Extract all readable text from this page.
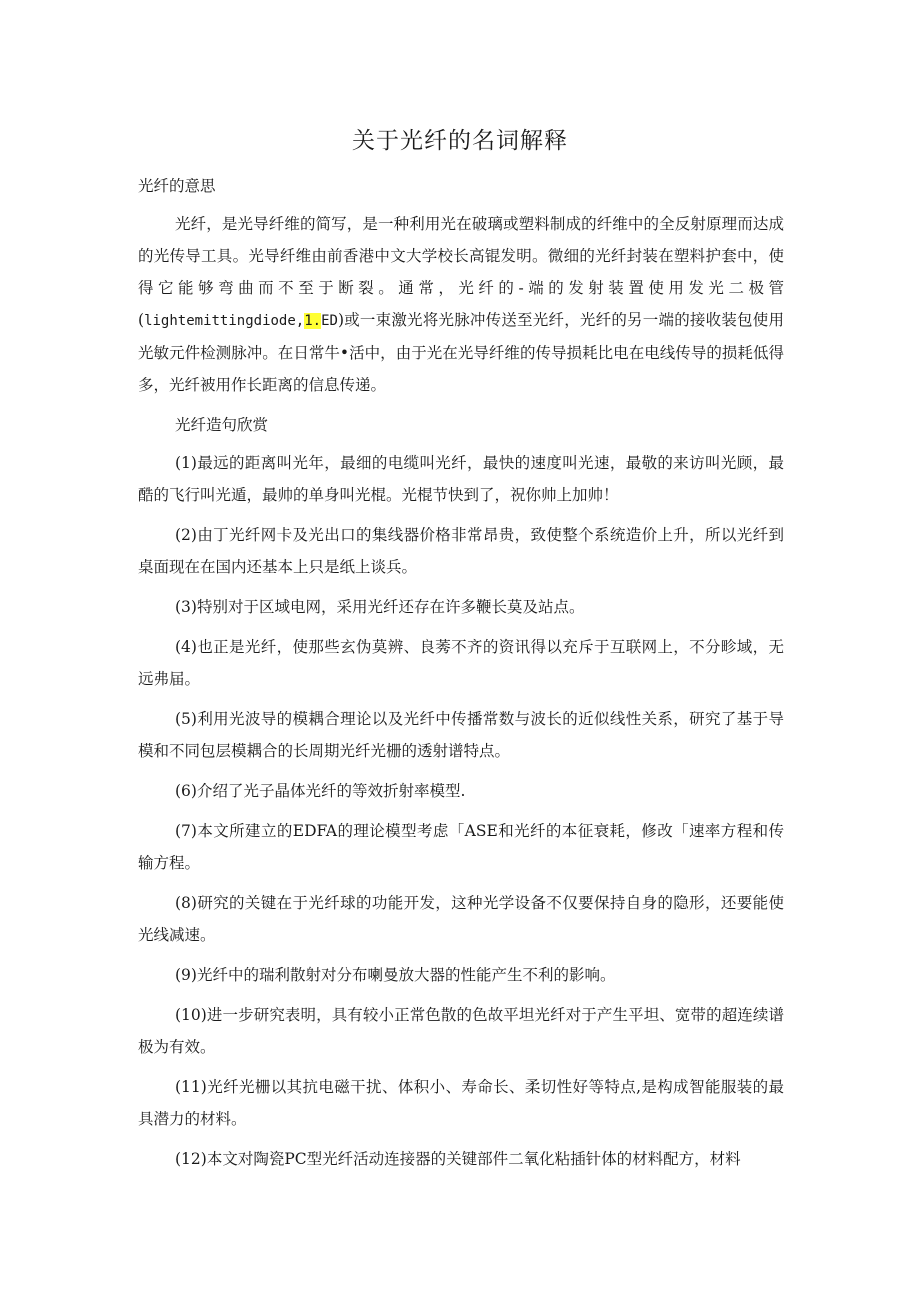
关于光纤的名词解释

光纤的意思

光纤，是光导纤维的简写，是一种利用光在破璃或塑料制成的纤维中的全反射原理而达成的光传导工具。光导纤维由前香港中文大学校长高锟发明。微细的光纤封装在塑料护套中，使得它能够弯曲而不至于断裂。通常，光纤的-端的发射装置使用发光二极管(lightemittingdiode,1.ED)或一束激光将光脉冲传送至光纤，光纤的另一端的接收装包使用光敏元件检测脉冲。在日常牛•活中，由于光在光导纤维的传导损耗比电在电线传导的损耗低得多，光纤被用作长距离的信息传递。

光纤造句欣赏

(1)最远的距离叫光年，最细的电缆叫光纤，最快的速度叫光速，最敬的来访叫光顾，最酷的飞行叫光遁，最帅的单身叫光棍。光棍节快到了，祝你帅上加帅！

(2)由丁光纤网卡及光出口的集线器价格非常昂贵，致使整个系统造价上升，所以光纤到桌面现在在国内还基本上只是纸上谈兵。

(3)特别对于区域电网，采用光纤还存在许多鞭长莫及站点。

(4)也正是光纤，使那些玄伪莫辨、良莠不齐的资讯得以充斥于互联网上，不分畛域，无远弗届。

(5)利用光波导的模耦合理论以及光纤中传播常数与波长的近似线性关系，研究了基于导模和不同包层模耦合的长周期光纤光栅的透射谱特点。

(6)介绍了光子晶体光纤的等效折射率模型.

(7)本文所建立的EDFA的理论模型考虑「ASE和光纤的本征衰耗，修改「速率方程和传输方程。

(8)研究的关键在于光纤球的功能开发，这种光学设备不仅要保持自身的隐形，还要能使光线减速。

(9)光纤中的瑞利散射对分布喇曼放大器的性能产生不利的影响。

(10)进一步研究表明，具有较小正常色散的色故平坦光纤对于产生平坦、宽带的超连续谱极为有效。

(11)光纤光栅以其抗电磁干扰、体积小、寿命长、柔切性好等特点,是构成智能服装的最具潜力的材料。

(12)本文对陶瓷PC型光纤活动连接器的关键部件二氧化粘插针体的材料配方，材料
